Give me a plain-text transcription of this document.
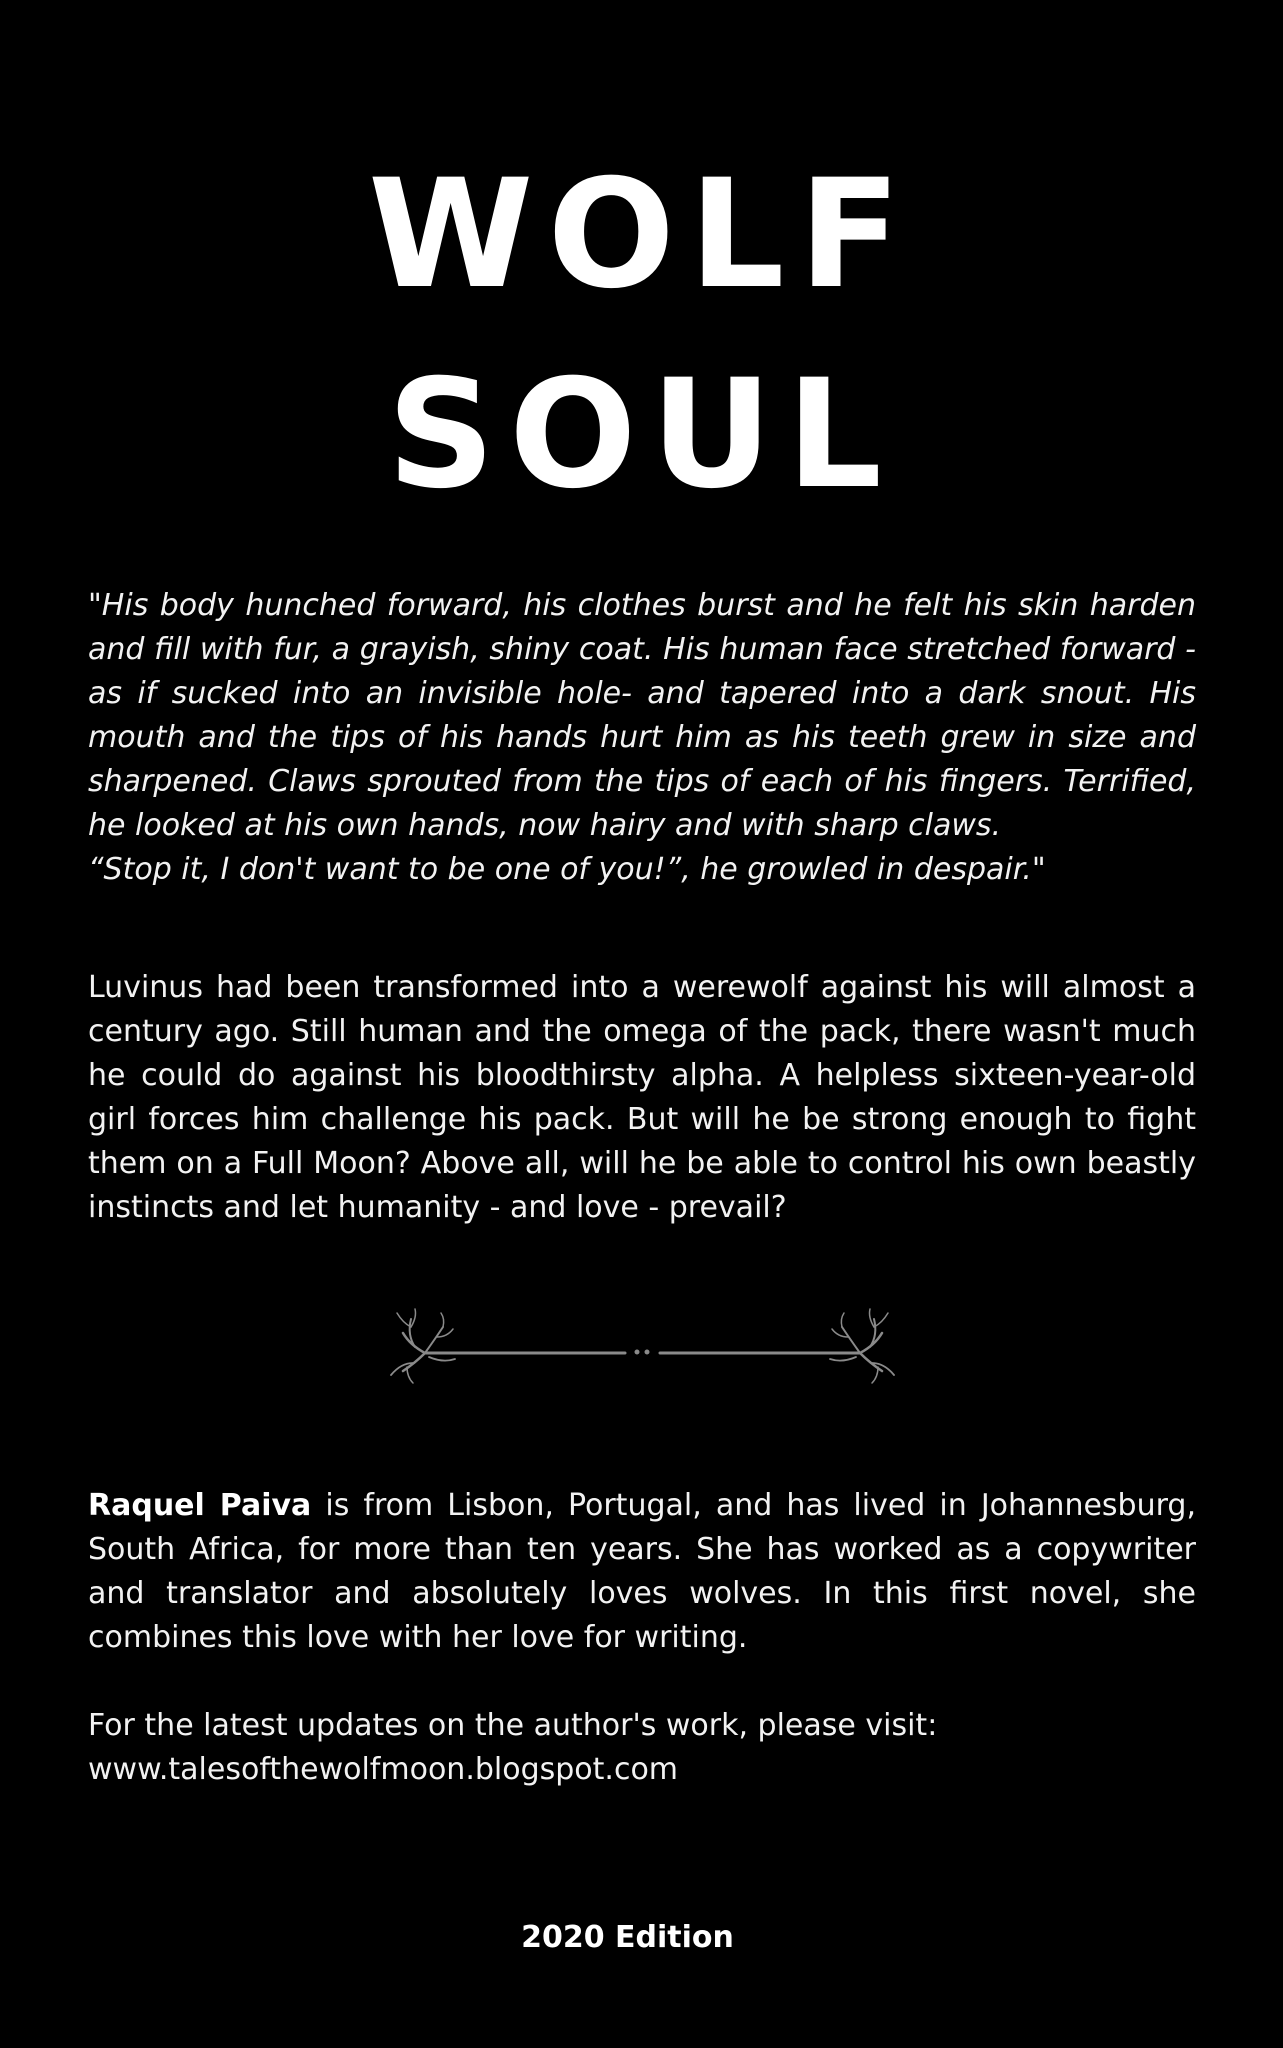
WOLF
SOUL

"His body hunched forward, his clothes burst and he felt his skin harden and fill with fur, a grayish, shiny coat. His human face stretched forward -as if sucked into an invisible hole- and tapered into a dark snout. His mouth and the tips of his hands hurt him as his teeth grew in size and sharpened. Claws sprouted from the tips of each of his fingers. Terrified, he looked at his own hands, now hairy and with sharp claws.
“Stop it, I don't want to be one of you!”, he growled in despair."

Luvinus had been transformed into a werewolf against his will almost a century ago. Still human and the omega of the pack, there wasn't much he could do against his bloodthirsty alpha. A helpless sixteen-year-old girl forces him challenge his pack. But will he be strong enough to fight them on a Full Moon? Above all, will he be able to control his own beastly instincts and let humanity - and love - prevail?

Raquel Paiva is from Lisbon, Portugal, and has lived in Johannesburg, South Africa, for more than ten years. She has worked as a copywriter and translator and absolutely loves wolves. In this first novel, she combines this love with her love for writing.

For the latest updates on the author's work, please visit:
www.talesofthewolfmoon.blogspot.com

2020 Edition
